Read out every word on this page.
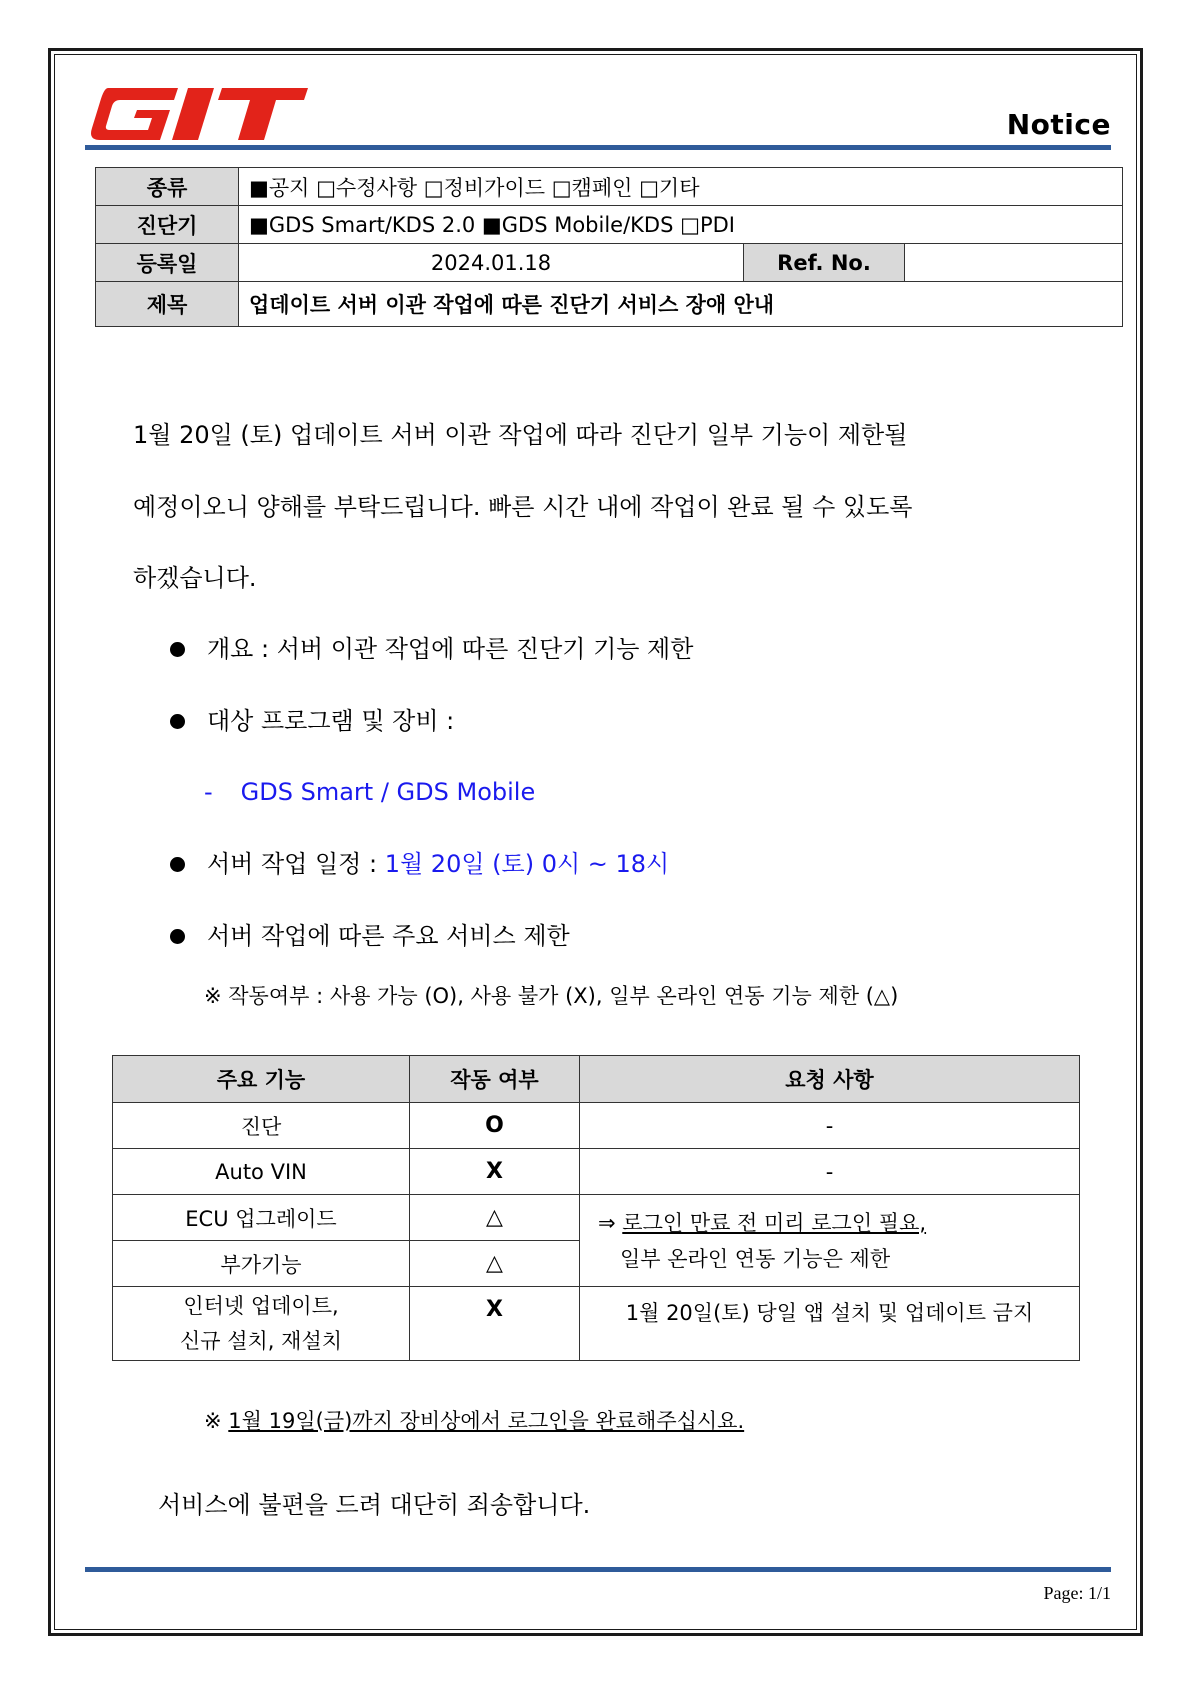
Notice
종류	■공지 □수정사항 □정비가이드 □캠페인 □기타		
진단기	■GDS Smart/KDS 2.0 ■GDS Mobile/KDS □PDI		
등록일	2024.01.18	Ref. No.	
제목	업데이트 서버 이관 작업에 따른 진단기 서비스 장애 안내		
1월 20일 (토) 업데이트 서버 이관 작업에 따라 진단기 일부 기능이 제한될
예정이오니 양해를 부탁드립니다. 빠른 시간 내에 작업이 완료 될 수 있도록
하겠습니다.
개요 : 서버 이관 작업에 따른 진단기 기능 제한
대상 프로그램 및 장비 :
- GDS Smart / GDS Mobile
서버 작업 일정 : 1월 20일 (토) 0시 ~ 18시
서버 작업에 따른 주요 서비스 제한
※ 작동여부 : 사용 가능 (O), 사용 불가 (X), 일부 온라인 연동 기능 제한 (△)
주요 기능	작동 여부	요청 사항
진단	O	-
Auto VIN	X	-
ECU 업그레이드	△	⇒ 로그인 만료 전 미리 로그인 필요,
일부 온라인 연동 기능은 제한
부가기능	△	
인터넷 업데이트,
신규 설치, 재설치	X	1월 20일(토) 당일 앱 설치 및 업데이트 금지
※ 1월 19일(금)까지 장비상에서 로그인을 완료해주십시요.
서비스에 불편을 드려 대단히 죄송합니다.
Page: 1/1
